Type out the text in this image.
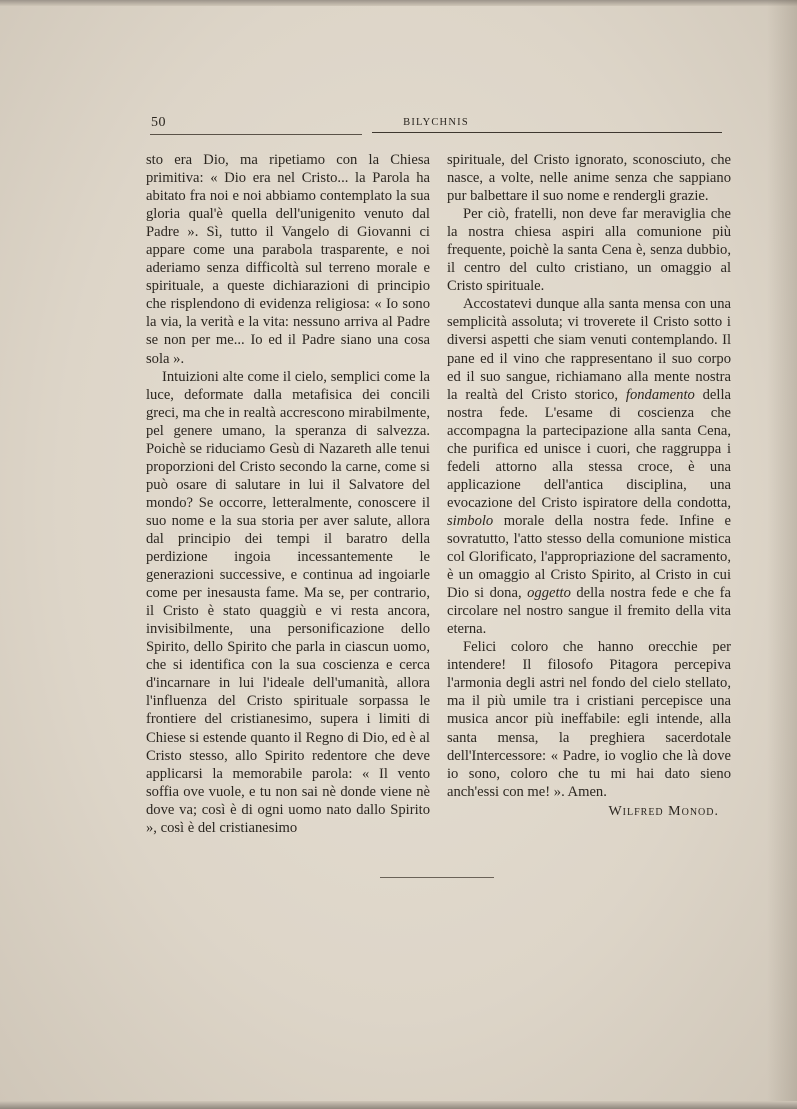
50	BILYCHNIS

sto era Dio, ma ripetiamo con la Chiesa primitiva: « Dio era nel Cristo... la Parola ha abitato fra noi e noi abbiamo contemplato la sua gloria qual'è quella dell'unigenito venuto dal Padre ». Sì, tutto il Vangelo di Giovanni ci appare come una parabola trasparente, e noi aderiamo senza difficoltà sul terreno morale e spirituale, a queste dichiarazioni di principio che risplendono di evidenza religiosa: « Io sono la via, la verità e la vita: nessuno arriva al Padre se non per me... Io ed il Padre siano una cosa sola ».

Intuizioni alte come il cielo, semplici come la luce, deformate dalla metafisica dei concili greci, ma che in realtà accrescono mirabilmente, pel genere umano, la speranza di salvezza. Poichè se riduciamo Gesù di Nazareth alle tenui proporzioni del Cristo secondo la carne, come si può osare di salutare in lui il Salvatore del mondo? Se occorre, letteralmente, conoscere il suo nome e la sua storia per aver salute, allora dal principio dei tempi il baratro della perdizione ingoia incessantemente le generazioni successive, e continua ad ingoiarle come per inesausta fame. Ma se, per contrario, il Cristo è stato quaggiù e vi resta ancora, invisibilmente, una personificazione dello Spirito, dello Spirito che parla in ciascun uomo, che si identifica con la sua coscienza e cerca d'incarnare in lui l'ideale dell'umanità, allora l'influenza del Cristo spirituale sorpassa le frontiere del cristianesimo, supera i limiti di Chiese si estende quanto il Regno di Dio, ed è al Cristo stesso, allo Spirito redentore che deve applicarsi la memorabile parola: « Il vento soffia ove vuole, e tu non sai nè donde viene nè dove va; così è di ogni uomo nato dallo Spirito », così è del cristianesimo

spirituale, del Cristo ignorato, sconosciuto, che nasce, a volte, nelle anime senza che sappiano pur balbettare il suo nome e rendergli grazie.

Per ciò, fratelli, non deve far meraviglia che la nostra chiesa aspiri alla comunione più frequente, poichè la santa Cena è, senza dubbio, il centro del culto cristiano, un omaggio al Cristo spirituale.

Accostatevi dunque alla santa mensa con una semplicità assoluta; vi troverete il Cristo sotto i diversi aspetti che siam venuti contemplando. Il pane ed il vino che rappresentano il suo corpo ed il suo sangue, richiamano alla mente nostra la realtà del Cristo storico, fondamento della nostra fede. L'esame di coscienza che accompagna la partecipazione alla santa Cena, che purifica ed unisce i cuori, che raggruppa i fedeli attorno alla stessa croce, è una applicazione dell'antica disciplina, una evocazione del Cristo ispiratore della condotta, simbolo morale della nostra fede. Infine e sovratutto, l'atto stesso della comunione mistica col Glorificato, l'appropriazione del sacramento, è un omaggio al Cristo Spirito, al Cristo in cui Dio si dona, oggetto della nostra fede e che fa circolare nel nostro sangue il fremito della vita eterna.

Felici coloro che hanno orecchie per intendere! Il filosofo Pitagora percepiva l'armonia degli astri nel fondo del cielo stellato, ma il più umile tra i cristiani percepisce una musica ancor più ineffabile: egli intende, alla santa mensa, la preghiera sacerdotale dell'Intercessore: « Padre, io voglio che là dove io sono, coloro che tu mi hai dato sieno anch'essi con me! ». Amen.

Wilfred Monod.
